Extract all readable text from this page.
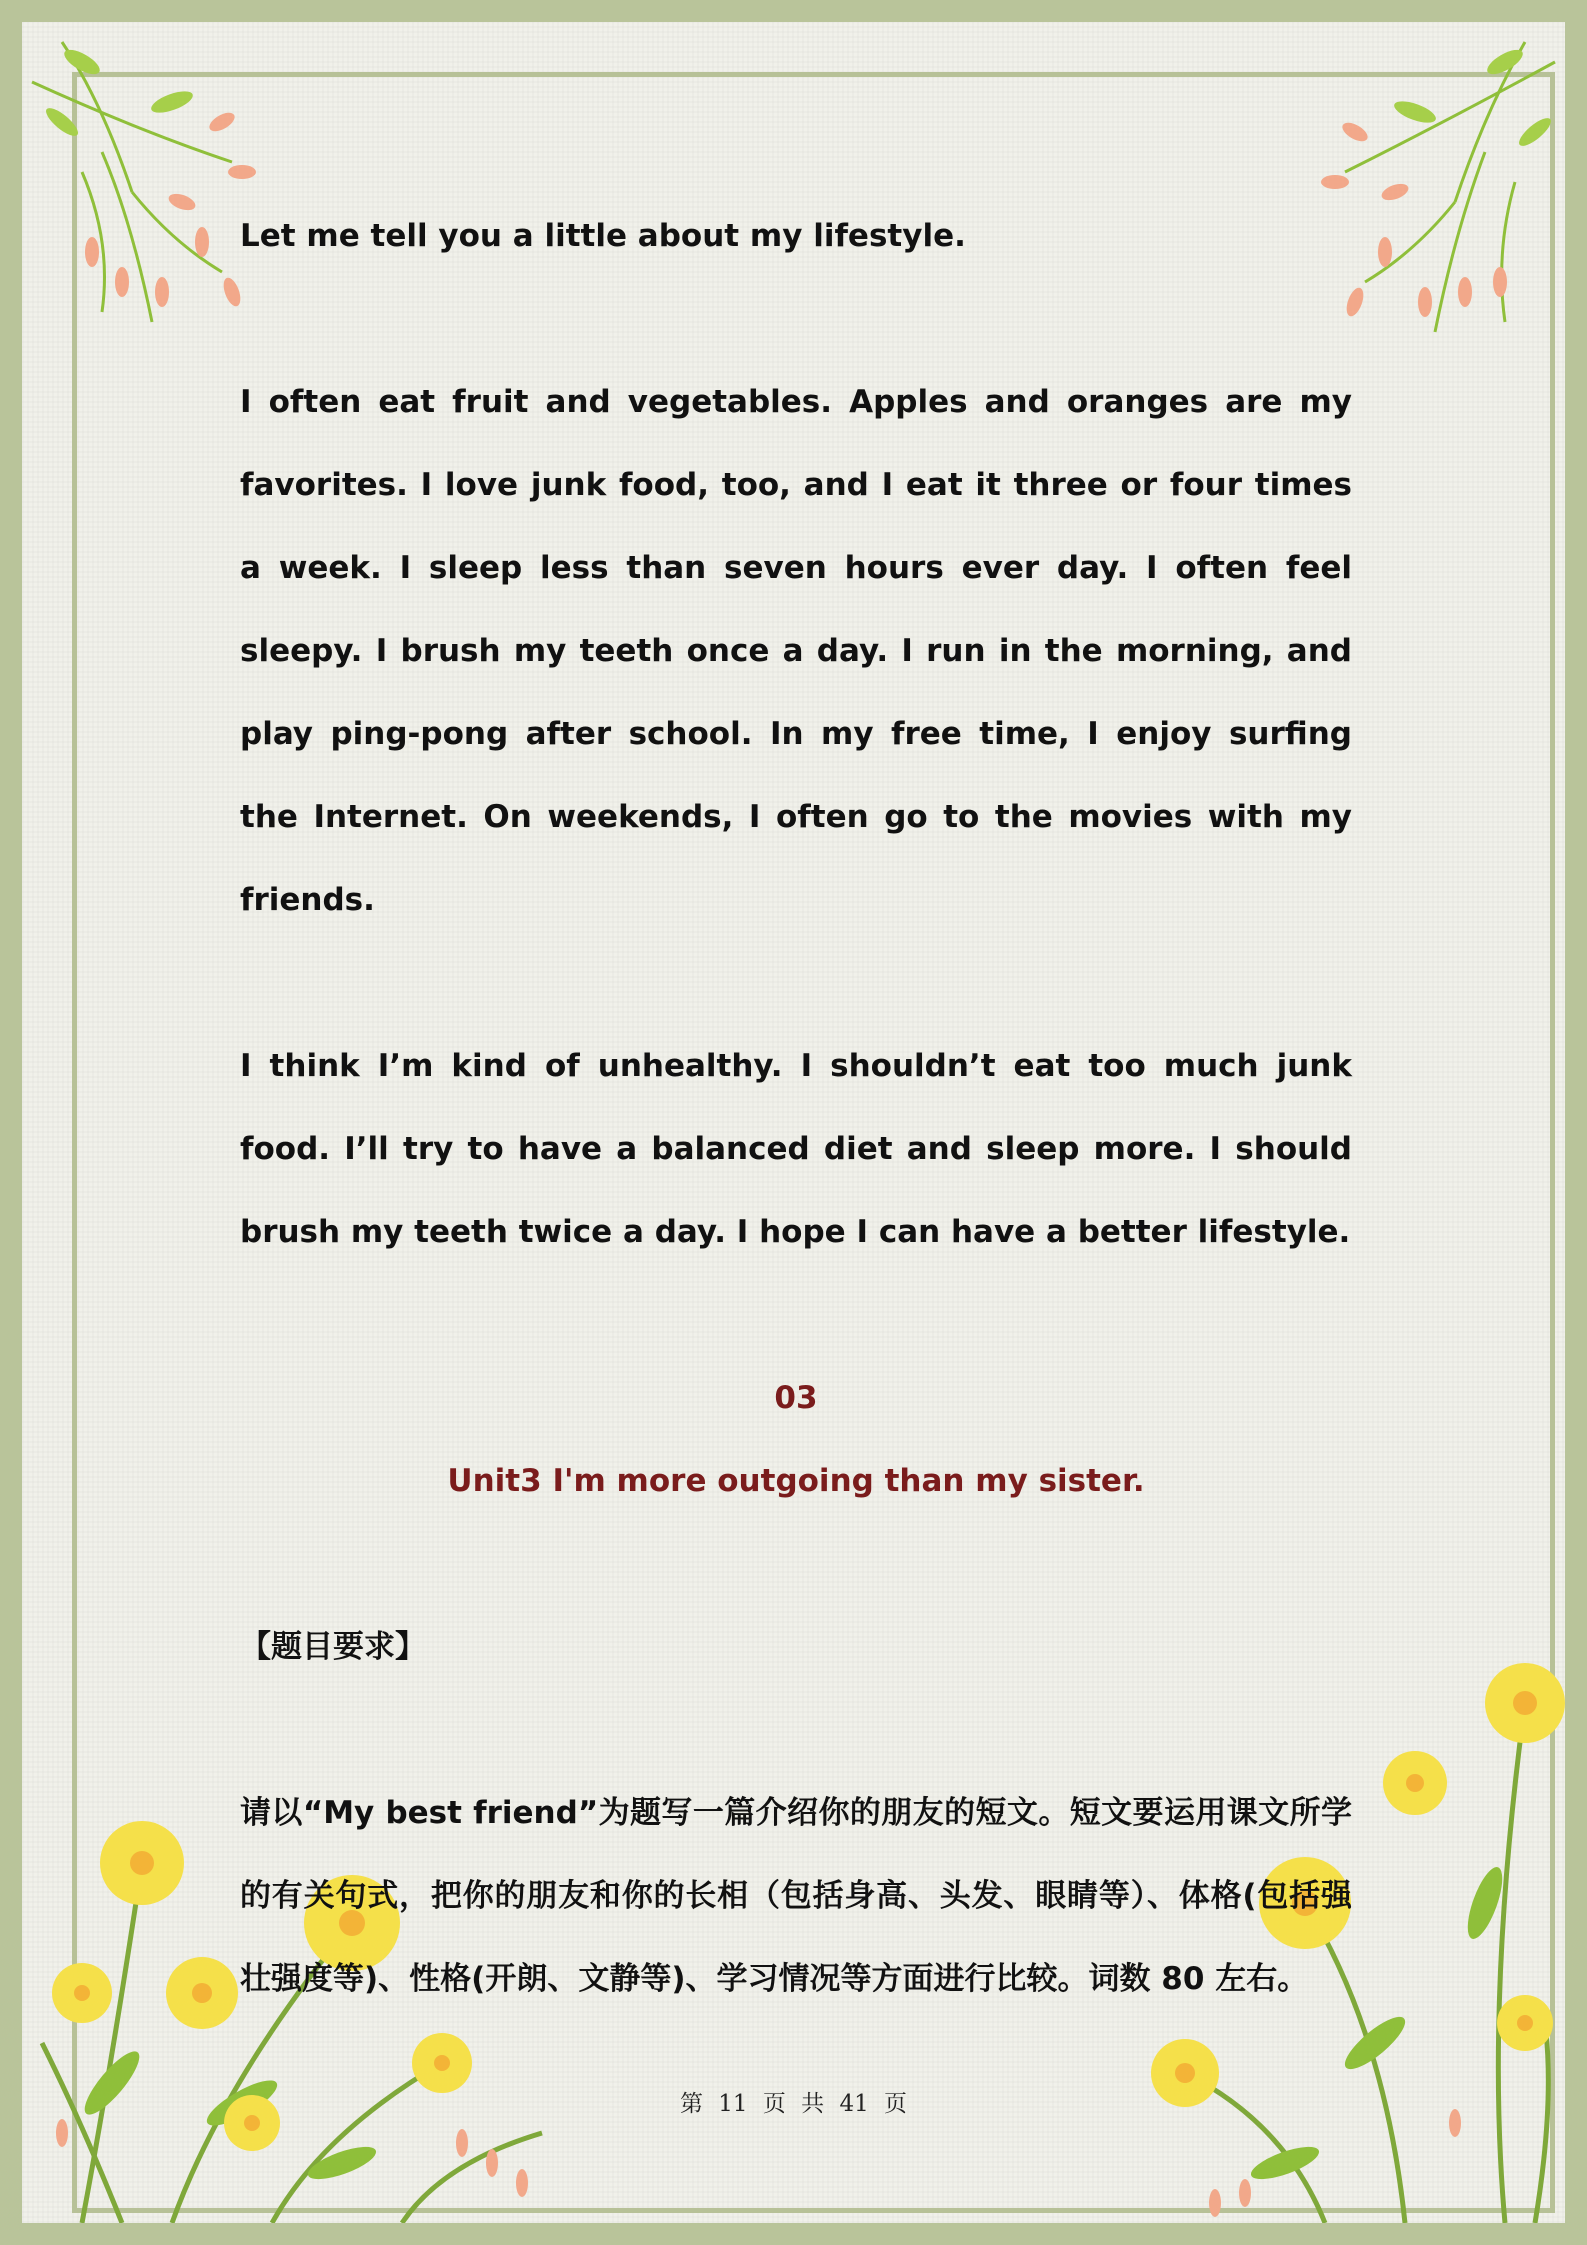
Let me tell you a little about my lifestyle.

I often eat fruit and vegetables. Apples and oranges are my favorites. I love junk food, too, and I eat it three or four times a week. I sleep less than seven hours ever day. I often feel sleepy. I brush my teeth once a day. I run in the morning, and play ping-pong after school. In my free time, I enjoy surfing the Internet. On weekends, I often go to the movies with my friends.

I think I’m kind of unhealthy. I shouldn’t eat too much junk food. I’ll try to have a balanced diet and sleep more. I should brush my teeth twice a day. I hope I can have a better lifestyle.

03

Unit3 I'm more outgoing than my sister.

【题目要求】

请以“My best friend”为题写一篇介绍你的朋友的短文。短文要运用课文所学的有关句式，把你的朋友和你的长相（包括身高、头发、眼睛等）、体格(包括强壮强度等)、性格(开朗、文静等)、学习情况等方面进行比较。词数 80 左右。

第 11 页 共 41 页
